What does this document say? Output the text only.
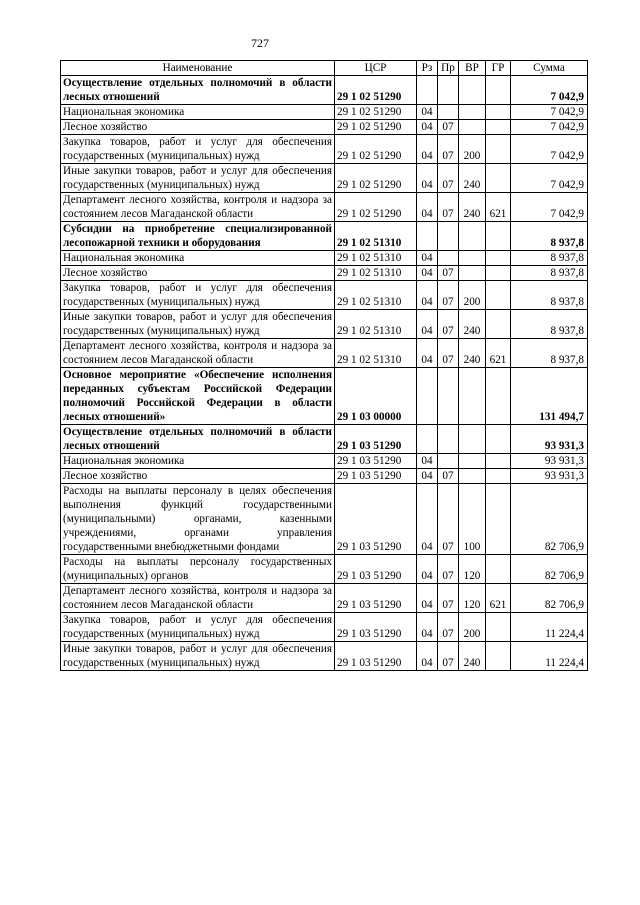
727
Наименование	ЦСР	Рз	Пр	ВР	ГР	Сумма
Осуществление отдельных полномочий в области лесных отношений	29 1 02 51290					7 042,9
Национальная экономика	29 1 02 51290	04				7 042,9
Лесное хозяйство	29 1 02 51290	04	07			7 042,9
Закупка товаров, работ и услуг для обеспечения государственных (муниципальных) нужд	29 1 02 51290	04	07	200		7 042,9
Иные закупки товаров, работ и услуг для обеспечения государственных (муниципальных) нужд	29 1 02 51290	04	07	240		7 042,9
Департамент лесного хозяйства, контроля и надзора за состоянием лесов Магаданской области	29 1 02 51290	04	07	240	621	7 042,9
Субсидии на приобретение специализированной лесопожарной техники и оборудования	29 1 02 51310					8 937,8
Национальная экономика	29 1 02 51310	04				8 937,8
Лесное хозяйство	29 1 02 51310	04	07			8 937,8
Закупка товаров, работ и услуг для обеспечения государственных (муниципальных) нужд	29 1 02 51310	04	07	200		8 937,8
Иные закупки товаров, работ и услуг для обеспечения государственных (муниципальных) нужд	29 1 02 51310	04	07	240		8 937,8
Департамент лесного хозяйства, контроля и надзора за состоянием лесов Магаданской области	29 1 02 51310	04	07	240	621	8 937,8
Основное мероприятие «Обеспечение исполнения переданных субъектам Российской Федерации полномочий Российской Федерации в области лесных отношений»	29 1 03 00000					131 494,7
Осуществление отдельных полномочий в области лесных отношений	29 1 03 51290					93 931,3
Национальная экономика	29 1 03 51290	04				93 931,3
Лесное хозяйство	29 1 03 51290	04	07			93 931,3
Расходы на выплаты персоналу в целях обеспечения выполнения функций государственными (муниципальными) органами, казенными учреждениями, органами управления государственными внебюджетными фондами	29 1 03 51290	04	07	100		82 706,9
Расходы на выплаты персоналу государственных (муниципальных) органов	29 1 03 51290	04	07	120		82 706,9
Департамент лесного хозяйства, контроля и надзора за состоянием лесов Магаданской области	29 1 03 51290	04	07	120	621	82 706,9
Закупка товаров, работ и услуг для обеспечения государственных (муниципальных) нужд	29 1 03 51290	04	07	200		11 224,4
Иные закупки товаров, работ и услуг для обеспечения государственных (муниципальных) нужд	29 1 03 51290	04	07	240		11 224,4
